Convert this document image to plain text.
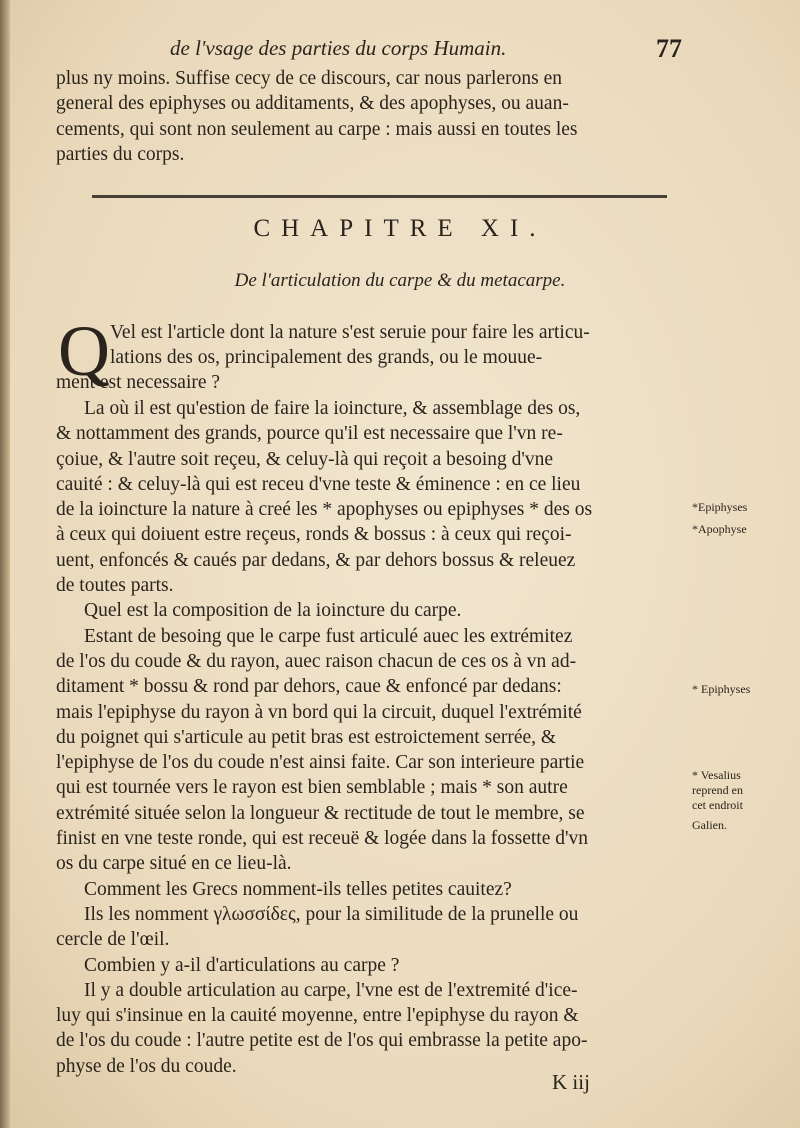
de l'vsage des parties du corps Humain.	77
plus ny moins. Suffise cecy de ce discours, car nous parlerons en
general des epiphyses ou additaments, & des apophyses, ou auan-
cements, qui sont non seulement au carpe : mais aussi en toutes les
parties du corps.
CHAPITRE XI.
De l'articulation du carpe & du metacarpe.
Q Vel est l'article dont la nature s'est seruie pour faire les articu-
lations des os, principalement des grands, ou le mouue-
ment est necessaire ?
La où il est qu'estion de faire la ioincture, & assemblage des os,
& nottamment des grands, pource qu'il est necessaire que l'vn re-
çoiue, & l'autre soit reçeu, & celuy-là qui reçoit a besoing d'vne
cauité : & celuy-là qui est receu d'vne teste & éminence : en ce lieu
de la ioincture la nature à creé les * apophyses ou epiphyses * des os
à ceux qui doiuent estre reçeus, ronds & bossus : à ceux qui reçoi-
uent, enfoncés & caués par dedans, & par dehors bossus & releuez
de toutes parts.
Quel est la composition de la ioincture du carpe.
Estant de besoing que le carpe fust articulé auec les extrémitez
de l'os du coude & du rayon, auec raison chacun de ces os à vn ad-
ditament * bossu & rond par dehors, caue & enfoncé par dedans:
mais l'epiphyse du rayon à vn bord qui la circuit, duquel l'extrémité
du poignet qui s'articule au petit bras est estroictement serrée, &
l'epiphyse de l'os du coude n'est ainsi faite. Car son interieure partie
qui est tournée vers le rayon est bien semblable ; mais * son autre
extrémité située selon la longueur & rectitude de tout le membre, se
finist en vne teste ronde, qui est receuë & logée dans la fossette d'vn
os du carpe situé en ce lieu-là.
Comment les Grecs nomment-ils telles petites cauitez?
Ils les nomment γλωσσίδες, pour la similitude de la prunelle ou
cercle de l'œil.
Combien y a-il d'articulations au carpe ?
Il y a double articulation au carpe, l'vne est de l'extremité d'ice-
luy qui s'insinue en la cauité moyenne, entre l'epiphyse du rayon &
de l'os du coude : l'autre petite est de l'os qui embrasse la petite apo-
physe de l'os du coude.
*Epiphyses
*Apophyse
* Epiphyses
* Vesalius
reprend en
cet endroit
Galien.
K iij
